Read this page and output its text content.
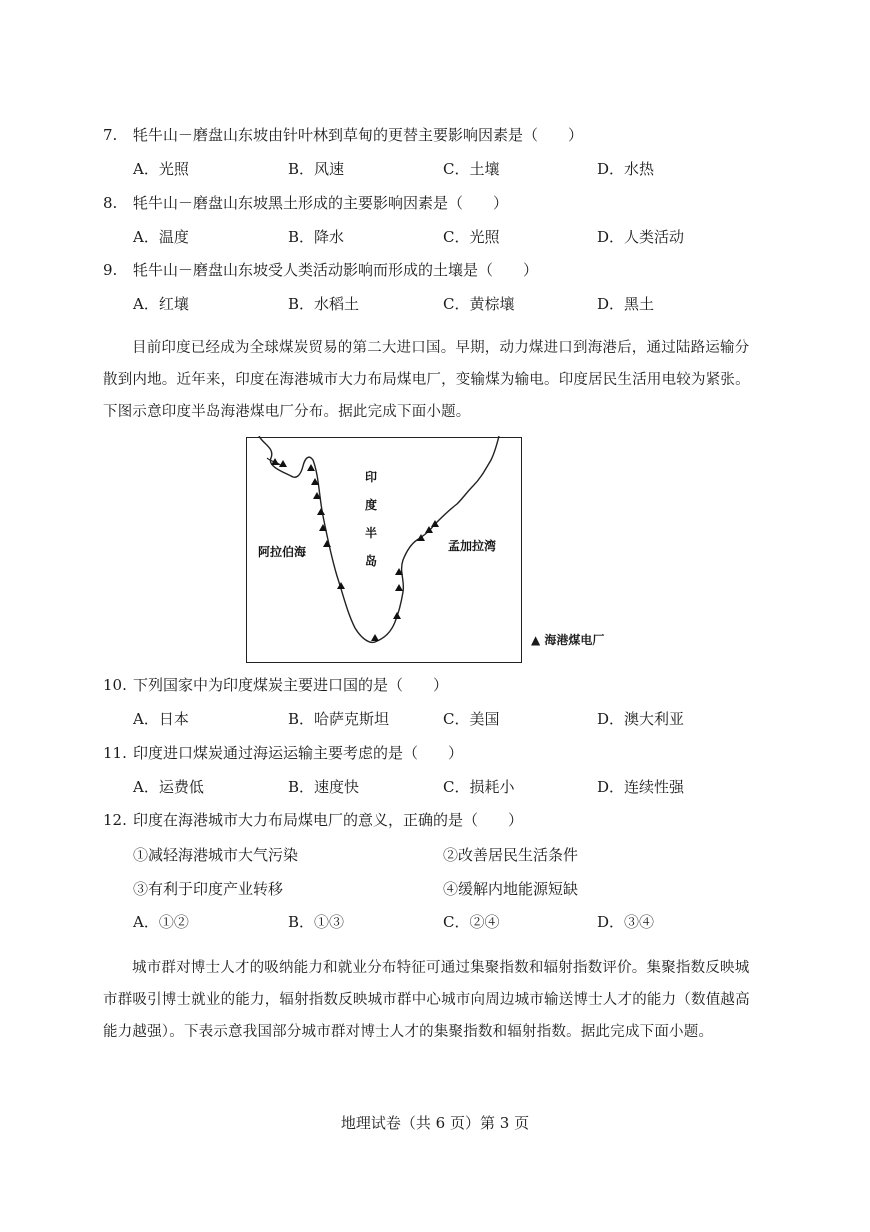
7. 牦牛山－磨盘山东坡由针叶林到草甸的更替主要影响因素是（　　）
A．光照	B．风速	C．土壤	D．水热
8. 牦牛山－磨盘山东坡黑土形成的主要影响因素是（　　）
A．温度	B．降水	C．光照	D．人类活动
9. 牦牛山－磨盘山东坡受人类活动影响而形成的土壤是（　　）
A．红壤	B．水稻土	C．黄棕壤	D．黑土
目前印度已经成为全球煤炭贸易的第二大进口国。早期，动力煤进口到海港后，通过陆路运输分散到内地。近年来，印度在海港城市大力布局煤电厂，变输煤为输电。印度居民生活用电较为紧张。下图示意印度半岛海港煤电厂分布。据此完成下面小题。
印
度
半
岛
阿拉伯海	孟加拉湾
▲ 海港煤电厂
10. 下列国家中为印度煤炭主要进口国的是（　　）
A．日本	B．哈萨克斯坦	C．美国	D．澳大利亚
11. 印度进口煤炭通过海运运输主要考虑的是（　　）
A．运费低	B．速度快	C．损耗小	D．连续性强
12. 印度在海港城市大力布局煤电厂的意义，正确的是（　　）
①减轻海港城市大气污染	②改善居民生活条件
③有利于印度产业转移	④缓解内地能源短缺
A．①②	B．①③	C．②④	D．③④
城市群对博士人才的吸纳能力和就业分布特征可通过集聚指数和辐射指数评价。集聚指数反映城市群吸引博士就业的能力，辐射指数反映城市群中心城市向周边城市输送博士人才的能力（数值越高能力越强）。下表示意我国部分城市群对博士人才的集聚指数和辐射指数。据此完成下面小题。
地理试卷（共 6 页）第 3 页
